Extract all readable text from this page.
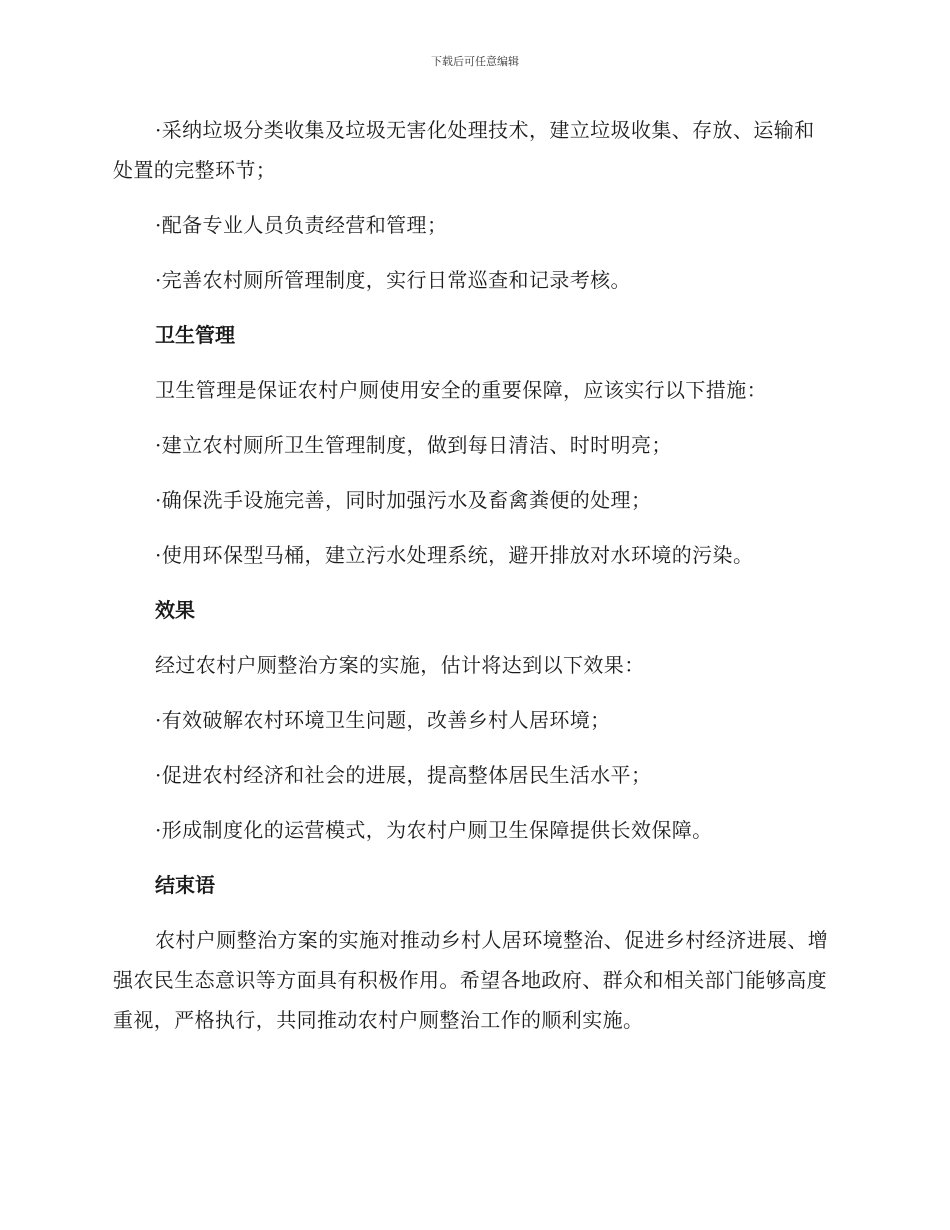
下载后可任意编辑

·采纳垃圾分类收集及垃圾无害化处理技术，建立垃圾收集、存放、运输和处置的完整环节；

·配备专业人员负责经营和管理；

·完善农村厕所管理制度，实行日常巡查和记录考核。

卫生管理

卫生管理是保证农村户厕使用安全的重要保障，应该实行以下措施：

·建立农村厕所卫生管理制度，做到每日清洁、时时明亮；

·确保洗手设施完善，同时加强污水及畜禽粪便的处理；

·使用环保型马桶，建立污水处理系统，避开排放对水环境的污染。

效果

经过农村户厕整治方案的实施，估计将达到以下效果：

·有效破解农村环境卫生问题，改善乡村人居环境；

·促进农村经济和社会的进展，提高整体居民生活水平；

·形成制度化的运营模式，为农村户厕卫生保障提供长效保障。

结束语

农村户厕整治方案的实施对推动乡村人居环境整治、促进乡村经济进展、增强农民生态意识等方面具有积极作用。希望各地政府、群众和相关部门能够高度重视，严格执行，共同推动农村户厕整治工作的顺利实施。
